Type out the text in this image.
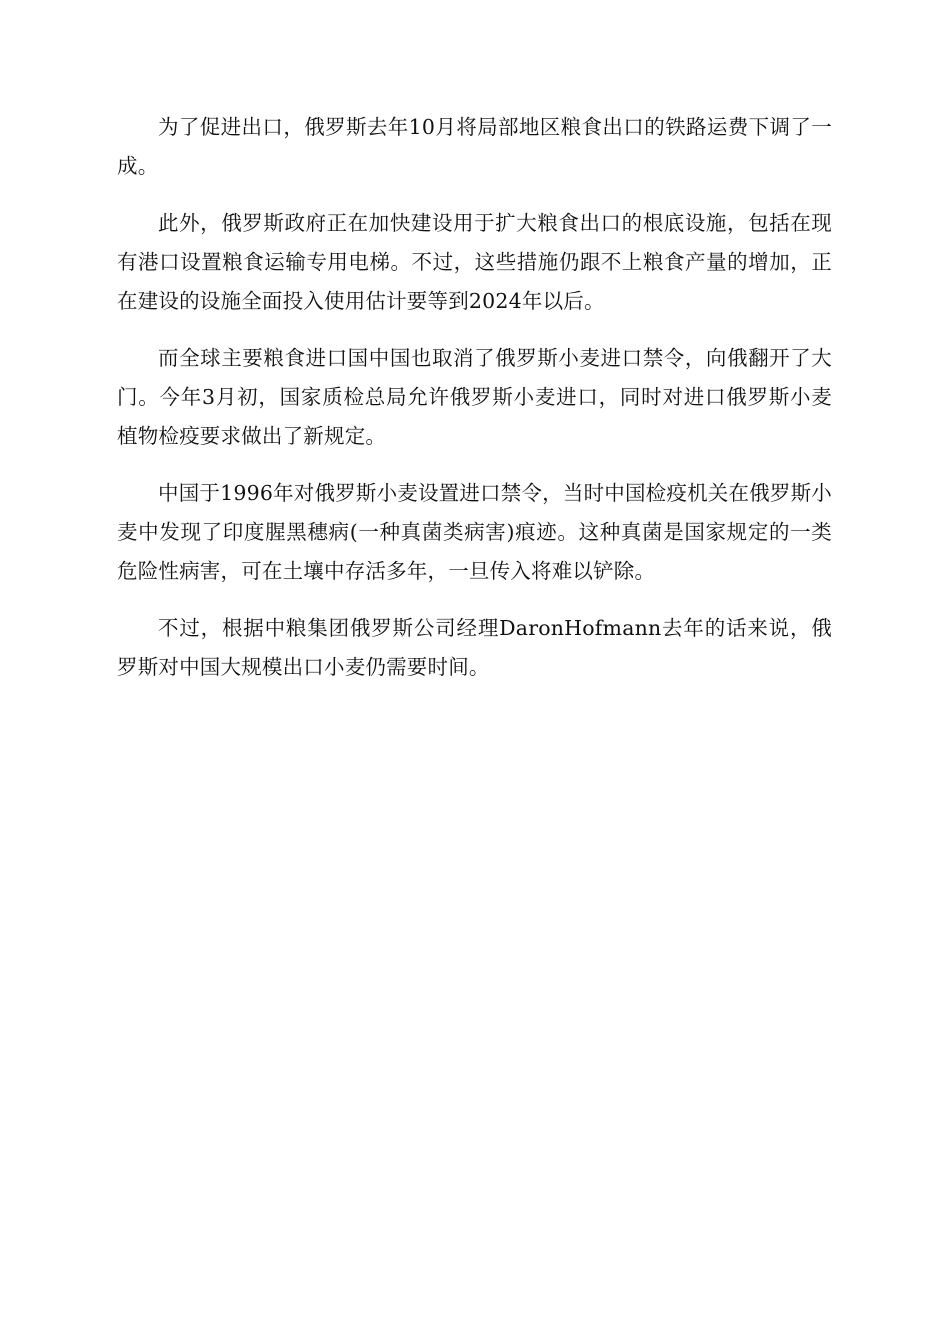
为了促进出口，俄罗斯去年10月将局部地区粮食出口的铁路运费下调了一成。

此外，俄罗斯政府正在加快建设用于扩大粮食出口的根底设施，包括在现有港口设置粮食运输专用电梯。不过，这些措施仍跟不上粮食产量的增加，正在建设的设施全面投入使用估计要等到2024年以后。

而全球主要粮食进口国中国也取消了俄罗斯小麦进口禁令，向俄翻开了大门。今年3月初，国家质检总局允许俄罗斯小麦进口，同时对进口俄罗斯小麦植物检疫要求做出了新规定。

中国于1996年对俄罗斯小麦设置进口禁令，当时中国检疫机关在俄罗斯小麦中发现了印度腥黑穗病(一种真菌类病害)痕迹。这种真菌是国家规定的一类危险性病害，可在土壤中存活多年，一旦传入将难以铲除。

不过，根据中粮集团俄罗斯公司经理DaronHofmann去年的话来说，俄罗斯对中国大规模出口小麦仍需要时间。
